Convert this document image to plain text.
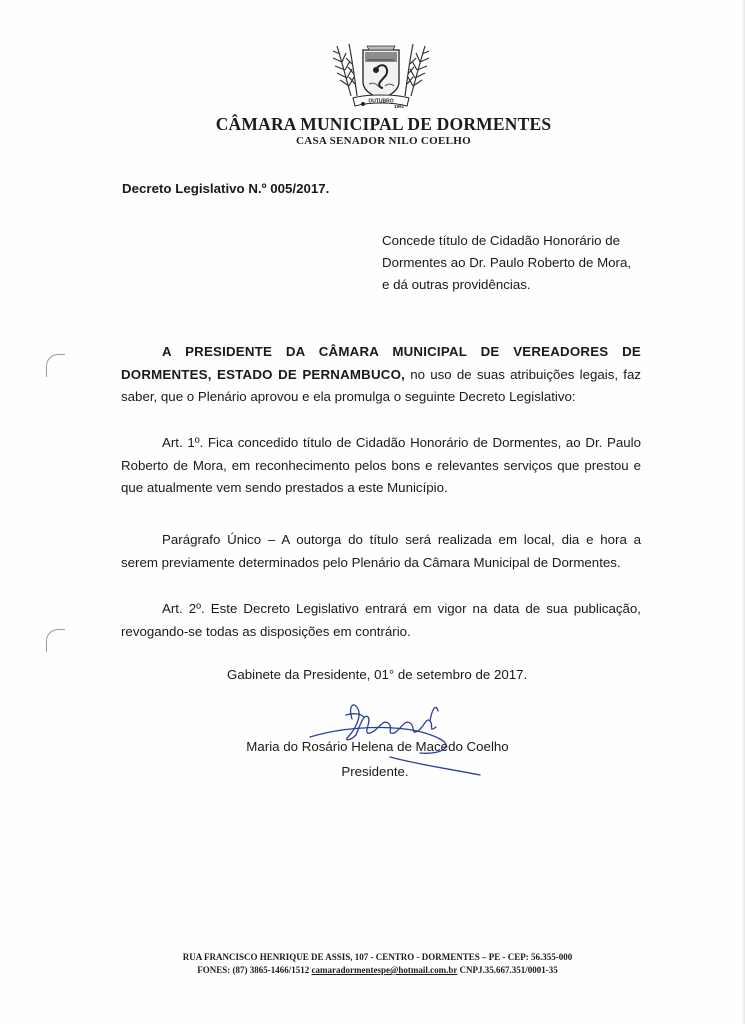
OUTUBRO
1991
CÂMARA MUNICIPAL DE DORMENTES
CASA SENADOR NILO COELHO
Decreto Legislativo N.º 005/2017.
Concede título de Cidadão Honorário de
Dormentes ao Dr. Paulo Roberto de Mora,
e dá outras providências.
A PRESIDENTE DA CÂMARA MUNICIPAL DE VEREADORES DE
DORMENTES, ESTADO DE PERNAMBUCO, no uso de suas atribuições legais, faz
saber, que o Plenário aprovou e ela promulga o seguinte Decreto Legislativo:
Art. 1º. Fica concedido título de Cidadão Honorário de Dormentes, ao Dr. Paulo
Roberto de Mora, em reconhecimento pelos bons e relevantes serviços que prestou e
que atualmente vem sendo prestados a este Município.
Parágrafo Único – A outorga do título será realizada em local, dia e hora a
serem previamente determinados pelo Plenário da Câmara Municipal de Dormentes.
Art. 2º. Este Decreto Legislativo entrará em vigor na data de sua publicação,
revogando-se todas as disposições em contrário.
Gabinete da Presidente, 01° de setembro de 2017.
Maria do Rosário Helena de Macedo Coelho
Presidente.
RUA FRANCISCO HENRIQUE DE ASSIS, 107 - CENTRO - DORMENTES – PE - CEP: 56.355-000
FONES: (87) 3865-1466/1512 camaradormentespe@hotmail.com.br CNPJ.35.667.351/0001-35
